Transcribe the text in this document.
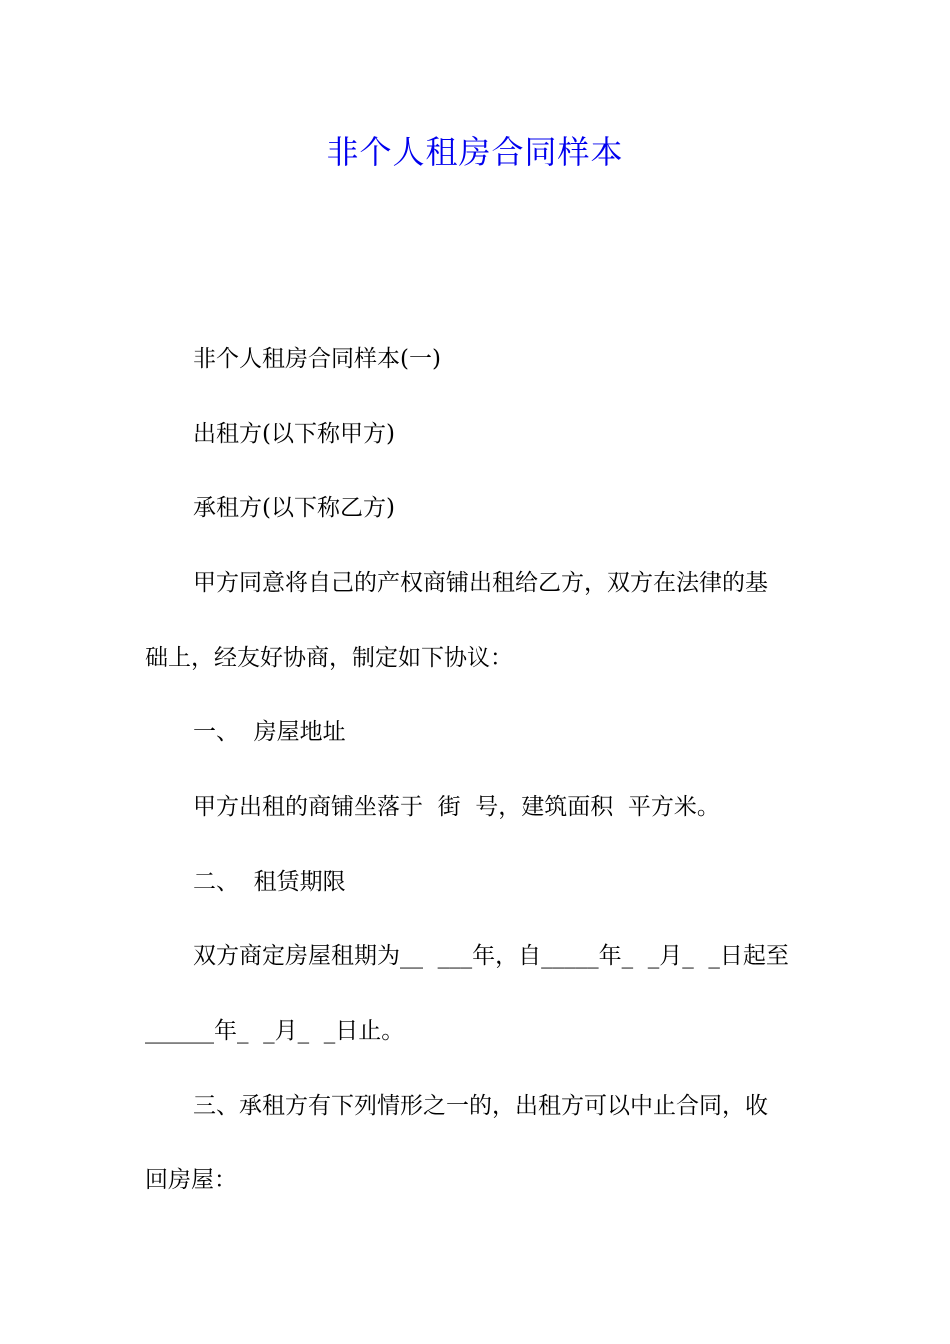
非个人租房合同样本
非个人租房合同样本(一)
出租方(以下称甲方)
承租方(以下称乙方)
甲方同意将自己的产权商铺出租给乙方，双方在法律的基
础上，经友好协商，制定如下协议：
一、  房屋地址
甲方出租的商铺坐落于  街  号，建筑面积  平方米。
二、  租赁期限
双方商定房屋租期为__  ___年，自_____年_  _月_  _日起至
______年_  _月_  _日止。
三、承租方有下列情形之一的，出租方可以中止合同，收
回房屋：
